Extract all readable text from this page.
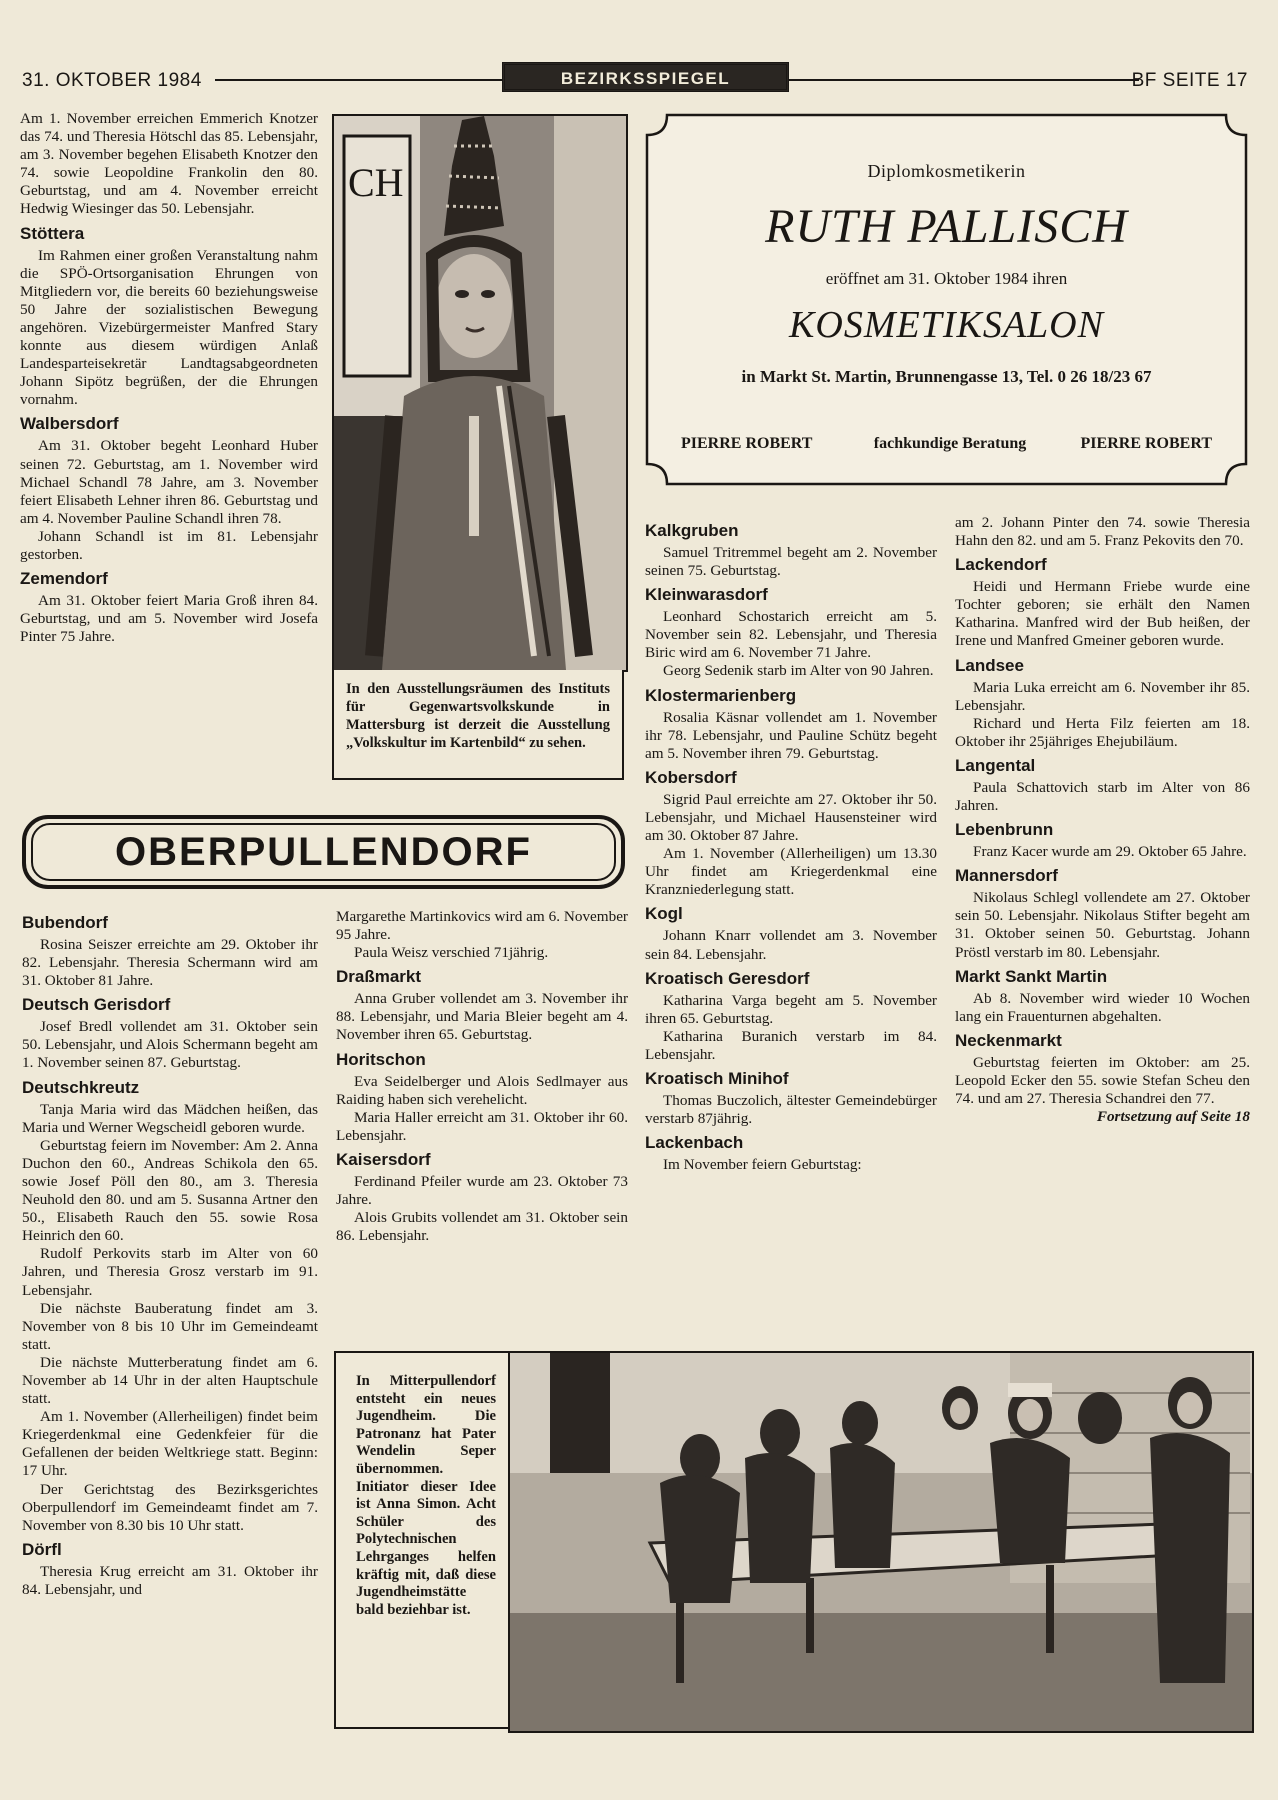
31. OKTOBER 1984	BEZIRKSSPIEGEL	BF SEITE 17

Am 1. November erreichen Emmerich Knotzer das 74. und Theresia Hötschl das 85. Lebensjahr, am 3. November begehen Elisabeth Knotzer den 74. sowie Leopoldine Frankolin den 80. Geburtstag, und am 4. November erreicht Hedwig Wiesinger das 50. Lebensjahr.

Stöttera

Im Rahmen einer großen Veranstaltung nahm die SPÖ-Ortsorganisation Ehrungen von Mitgliedern vor, die bereits 60 beziehungsweise 50 Jahre der sozialistischen Bewegung angehören. Vizebürgermeister Manfred Stary konnte aus diesem würdigen Anlaß Landesparteisekretär Landtagsabgeordneten Johann Sipötz begrüßen, der die Ehrungen vornahm.

Walbersdorf

Am 31. Oktober begeht Leonhard Huber seinen 72. Geburtstag, am 1. November wird Michael Schandl 78 Jahre, am 3. November feiert Elisabeth Lehner ihren 86. Geburtstag und am 4. November Pauline Schandl ihren 78.

Johann Schandl ist im 81. Lebensjahr gestorben.

Zemendorf

Am 31. Oktober feiert Maria Groß ihren 84. Geburtstag, und am 5. November wird Josefa Pinter 75 Jahre.

CH
In den Ausstellungsräumen des Instituts für Gegenwartsvolkskunde in Mattersburg ist derzeit die Ausstellung „Volkskultur im Kartenbild“ zu sehen.
Diplomkosmetikerin
RUTH PALLISCH
eröffnet am 31. Oktober 1984 ihren
KOSMETIKSALON
in Markt St. Martin, Brunnengasse 13, Tel. 0 26 18/23 67
PIERRE ROBERT	fachkundige Beratung	PIERRE ROBERT
OBERPULLENDORF
Bubendorf

Rosina Seiszer erreichte am 29. Oktober ihr 82. Lebensjahr. Theresia Schermann wird am 31. Oktober 81 Jahre.

Deutsch Gerisdorf

Josef Bredl vollendet am 31. Oktober sein 50. Lebensjahr, und Alois Schermann begeht am 1. November seinen 87. Geburtstag.

Deutschkreutz

Tanja Maria wird das Mädchen heißen, das Maria und Werner Wegscheidl geboren wurde.

Geburtstag feiern im November: Am 2. Anna Duchon den 60., Andreas Schikola den 65. sowie Josef Pöll den 80., am 3. Theresia Neuhold den 80. und am 5. Susanna Artner den 50., Elisabeth Rauch den 55. sowie Rosa Heinrich den 60.

Rudolf Perkovits starb im Alter von 60 Jahren, und Theresia Grosz verstarb im 91. Lebensjahr.

Die nächste Bauberatung findet am 3. November von 8 bis 10 Uhr im Gemeindeamt statt.

Die nächste Mutterberatung findet am 6. November ab 14 Uhr in der alten Hauptschule statt.

Am 1. November (Allerheiligen) findet beim Kriegerdenkmal eine Gedenkfeier für die Gefallenen der beiden Weltkriege statt. Beginn: 17 Uhr.

Der Gerichtstag des Bezirksgerichtes Oberpullendorf im Gemeindeamt findet am 7. November von 8.30 bis 10 Uhr statt.

Dörfl

Theresia Krug erreicht am 31. Oktober ihr 84. Lebensjahr, und

Margarethe Martinkovics wird am 6. November 95 Jahre.

Paula Weisz verschied 71jährig.

Draßmarkt

Anna Gruber vollendet am 3. November ihr 88. Lebensjahr, und Maria Bleier begeht am 4. November ihren 65. Geburtstag.

Horitschon

Eva Seidelberger und Alois Sedlmayer aus Raiding haben sich verehelicht.

Maria Haller erreicht am 31. Oktober ihr 60. Lebensjahr.

Kaisersdorf

Ferdinand Pfeiler wurde am 23. Oktober 73 Jahre.

Alois Grubits vollendet am 31. Oktober sein 86. Lebensjahr.

Kalkgruben

Samuel Tritremmel begeht am 2. November seinen 75. Geburtstag.

Kleinwarasdorf

Leonhard Schostarich erreicht am 5. November sein 82. Lebensjahr, und Theresia Biric wird am 6. November 71 Jahre.

Georg Sedenik starb im Alter von 90 Jahren.

Klostermarienberg

Rosalia Käsnar vollendet am 1. November ihr 78. Lebensjahr, und Pauline Schütz begeht am 5. November ihren 79. Geburtstag.

Kobersdorf

Sigrid Paul erreichte am 27. Oktober ihr 50. Lebensjahr, und Michael Hausensteiner wird am 30. Oktober 87 Jahre.

Am 1. November (Allerheiligen) um 13.30 Uhr findet am Kriegerdenkmal eine Kranzniederlegung statt.

Kogl

Johann Knarr vollendet am 3. November sein 84. Lebensjahr.

Kroatisch Geresdorf

Katharina Varga begeht am 5. November ihren 65. Geburtstag.

Katharina Buranich verstarb im 84. Lebensjahr.

Kroatisch Minihof

Thomas Buczolich, ältester Gemeindebürger verstarb 87jährig.

Lackenbach

Im November feiern Geburtstag:

am 2. Johann Pinter den 74. sowie Theresia Hahn den 82. und am 5. Franz Pekovits den 70.

Lackendorf

Heidi und Hermann Friebe wurde eine Tochter geboren; sie erhält den Namen Katharina. Manfred wird der Bub heißen, der Irene und Manfred Gmeiner geboren wurde.

Landsee

Maria Luka erreicht am 6. November ihr 85. Lebensjahr.

Richard und Herta Filz feierten am 18. Oktober ihr 25jähriges Ehejubiläum.

Langental

Paula Schattovich starb im Alter von 86 Jahren.

Lebenbrunn

Franz Kacer wurde am 29. Oktober 65 Jahre.

Mannersdorf

Nikolaus Schlegl vollendete am 27. Oktober sein 50. Lebensjahr. Nikolaus Stifter begeht am 31. Oktober seinen 50. Geburtstag. Johann Pröstl verstarb im 80. Lebensjahr.

Markt Sankt Martin

Ab 8. November wird wieder 10 Wochen lang ein Frauenturnen abgehalten.

Neckenmarkt

Geburtstag feierten im Oktober: am 25. Leopold Ecker den 55. sowie Stefan Scheu den 74. und am 27. Theresia Schandrei den 77.

Fortsetzung auf Seite 18

In Mitterpullendorf entsteht ein neues Jugendheim. Die Patronanz hat Pater Wendelin Seper übernommen. Initiator dieser Idee ist Anna Simon. Acht Schüler des Polytechnischen Lehrganges helfen kräftig mit, daß diese Jugendheimstätte bald beziehbar ist.
